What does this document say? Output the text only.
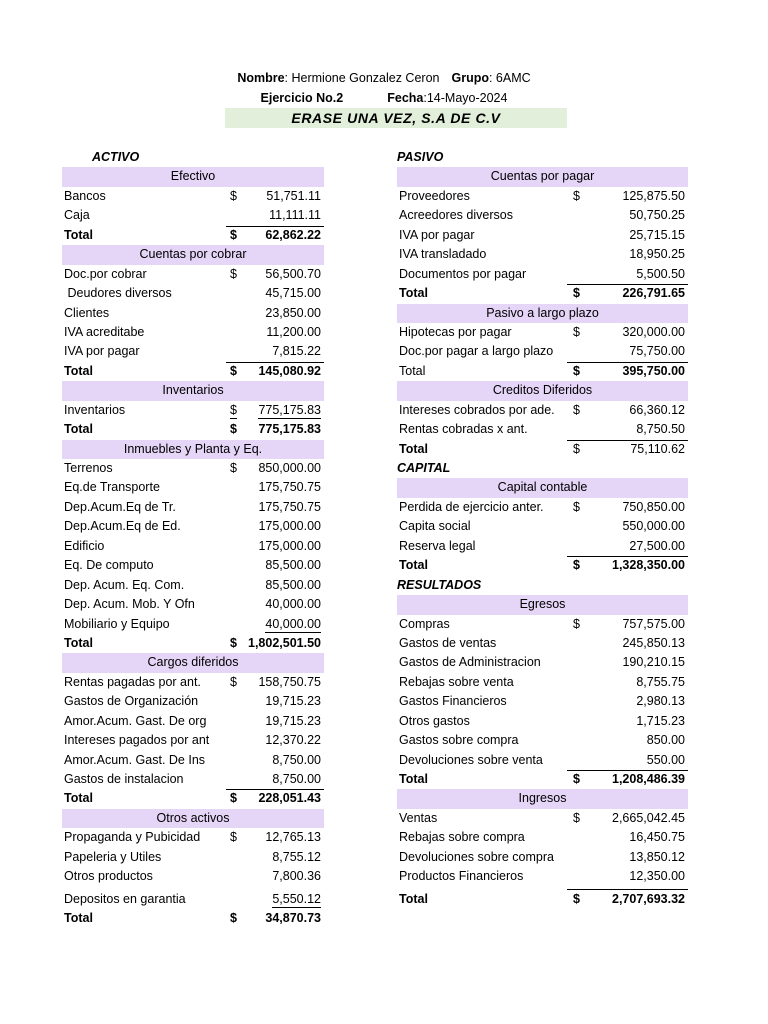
Nombre: Hermione Gonzalez Ceron Grupo: 6AMC
Ejercicio No.2	Fecha:14-Mayo-2024
ERASE UNA VEZ, S.A DE C.V
ACTIVO
Efectivo
Bancos	$ 51,751.11
Caja	11,111.11
Total	$ 62,862.22
Cuentas por cobrar
Doc.por cobrar	$ 56,500.70
Deudores diversos	45,715.00
Clientes	23,850.00
IVA acreditabe	11,200.00
IVA por pagar	7,815.22
Total	$ 145,080.92
Inventarios
Inventarios	$ 775,175.83
Total	$ 775,175.83
Inmuebles y Planta y Eq.
Terrenos	$ 850,000.00
Eq.de Transporte	175,750.75
Dep.Acum.Eq de Tr.	175,750.75
Dep.Acum.Eq de Ed.	175,000.00
Edificio	175,000.00
Eq. De computo	85,500.00
Dep. Acum. Eq. Com.	85,500.00
Dep. Acum. Mob. Y Ofn	40,000.00
Mobiliario y Equipo	40,000.00
Total	$ 1,802,501.50
Cargos diferidos
Rentas pagadas por ant. $ 158,750.75
Gastos de Organización	19,715.23
Amor.Acum. Gast. De org	19,715.23
Intereses pagados por ant	12,370.22
Amor.Acum. Gast. De Ins	8,750.00
Gastos de instalacion	8,750.00
Total	$ 228,051.43
Otros activos
Propaganda y Pubicidad $ 12,765.13
Papeleria y Utiles	8,755.12
Otros productos	7,800.36
Depositos en garantia	5,550.12
Total	$ 34,870.73
PASIVO
Cuentas por pagar
Proveedores	$	125,875.50
Acreedores diversos	50,750.25
IVA por pagar	25,715.15
IVA transladado	18,950.25
Documentos por pagar	5,500.50
Total	$	226,791.65
Pasivo a largo plazo
Hipotecas por pagar	$	320,000.00
Doc.por pagar a largo plazo	75,750.00
Total	$	395,750.00
Creditos Diferidos
Intereses cobrados por ade. $	66,360.12
Rentas cobradas x ant.	8,750.50
Total	$	75,110.62
CAPITAL
Capital contable
Perdida de ejercicio anter. $	750,850.00
Capita social	550,000.00
Reserva legal	27,500.00
Total	$	1,328,350.00
RESULTADOS
Egresos
Compras	$	757,575.00
Gastos de ventas	245,850.13
Gastos de Administracion	190,210.15
Rebajas sobre venta	8,755.75
Gastos Financieros	2,980.13
Otros gastos	1,715.23
Gastos sobre compra	850.00
Devoluciones sobre venta	550.00
Total	$	1,208,486.39
Ingresos
Ventas	$	2,665,042.45
Rebajas sobre compra	16,450.75
Devoluciones sobre compra	13,850.12
Productos Financieros	12,350.00
Total	$	2,707,693.32
